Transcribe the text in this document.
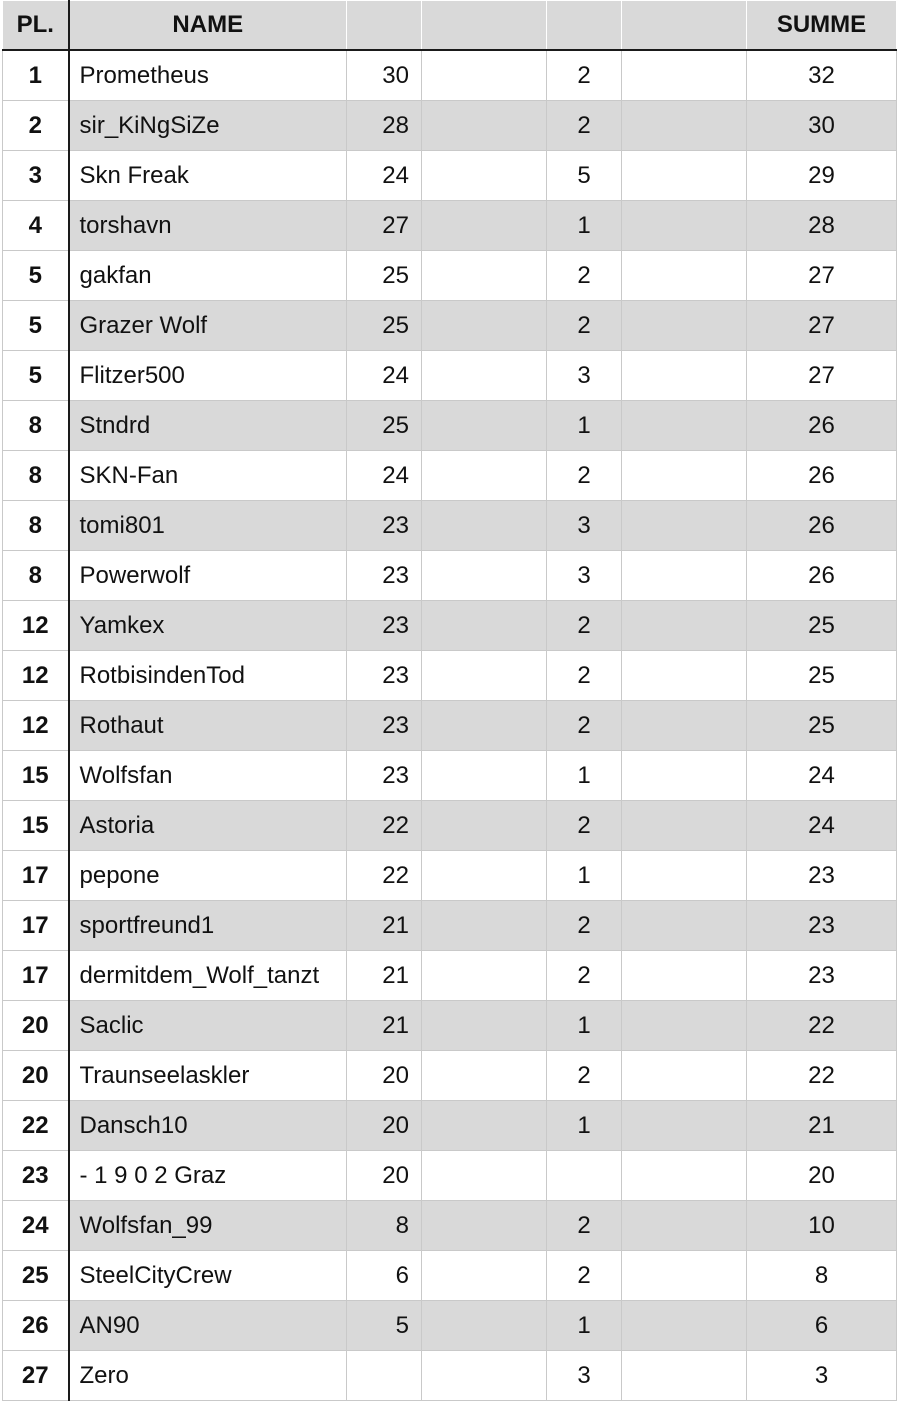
PL.	NAME					SUMME
1	Prometheus	30		2		32
2	sir_KiNgSiZe	28		2		30
3	Skn Freak	24		5		29
4	torshavn	27		1		28
5	gakfan	25		2		27
5	Grazer Wolf	25		2		27
5	Flitzer500	24		3		27
8	Stndrd	25		1		26
8	SKN-Fan	24		2		26
8	tomi801	23		3		26
8	Powerwolf	23		3		26
12	Yamkex	23		2		25
12	RotbisindenTod	23		2		25
12	Rothaut	23		2		25
15	Wolfsfan	23		1		24
15	Astoria	22		2		24
17	pepone	22		1		23
17	sportfreund1	21		2		23
17	dermitdem_Wolf_tanzt	21		2		23
20	Saclic	21		1		22
20	Traunseelaskler	20		2		22
22	Dansch10	20		1		21
23	- 1 9 0 2 Graz	20				20
24	Wolfsfan_99	8		2		10
25	SteelCityCrew	6		2		8
26	AN90	5		1		6
27	Zero			3		3
